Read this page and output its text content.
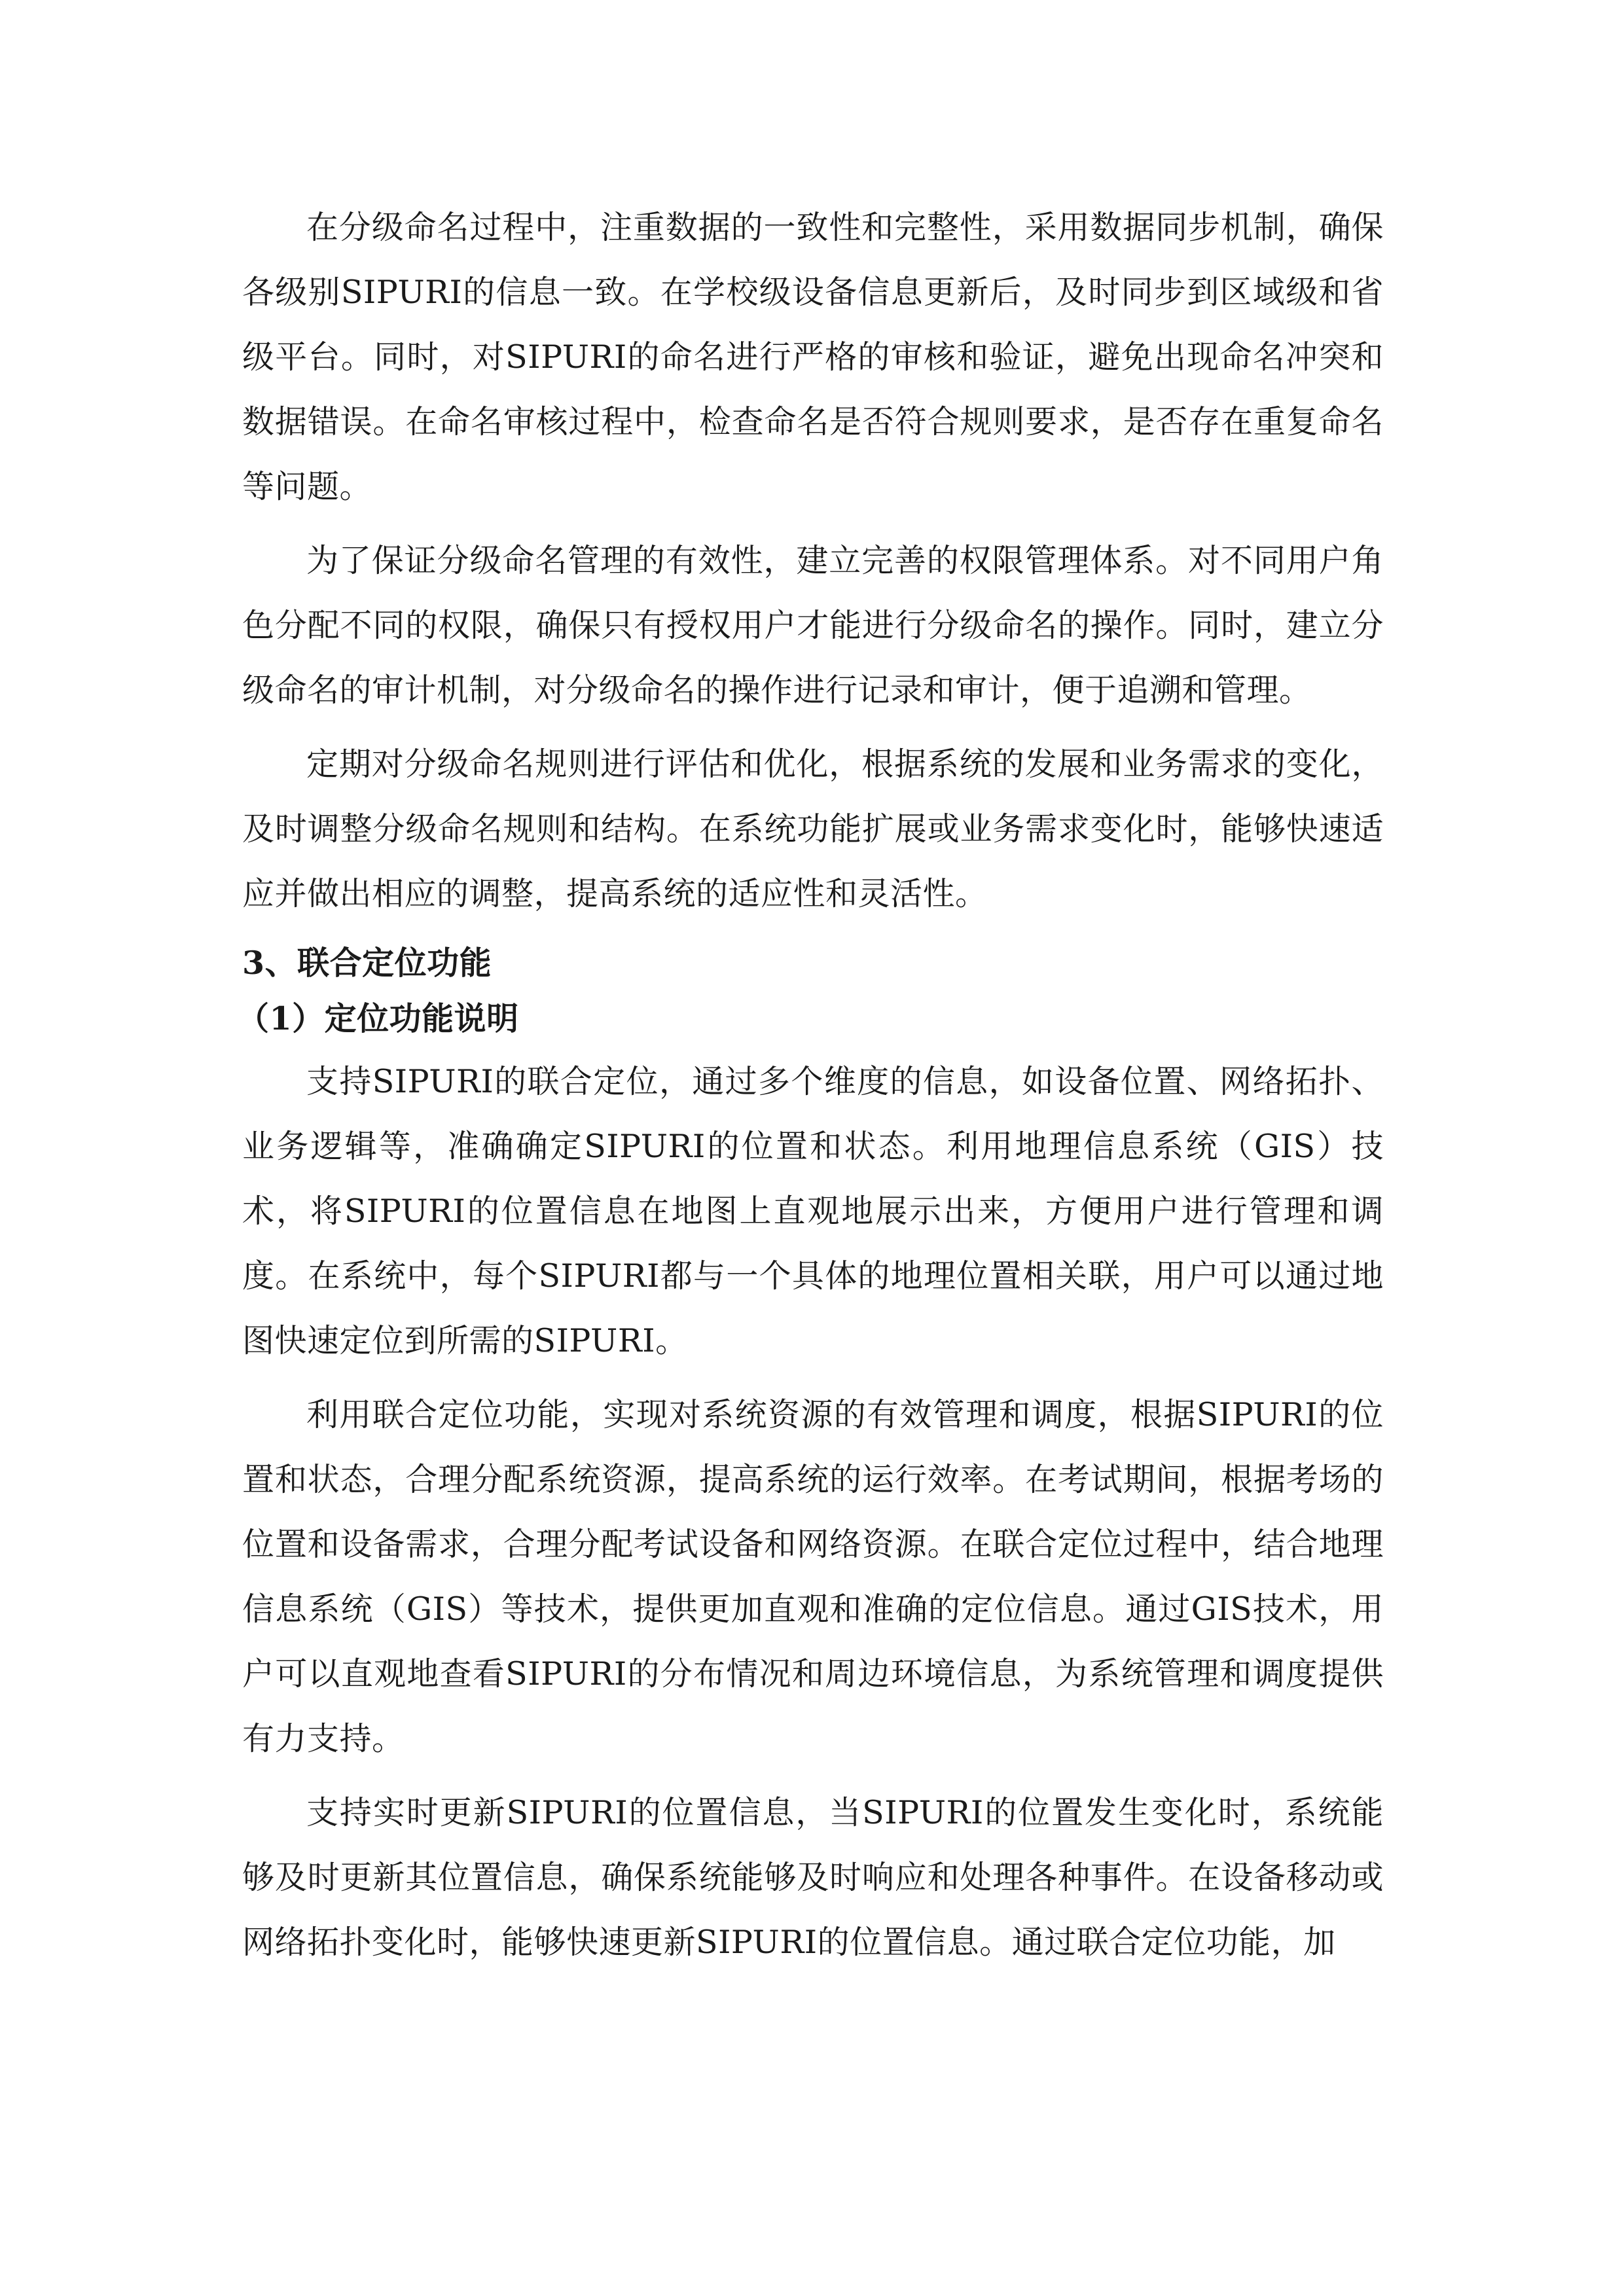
在分级命名过程中，注重数据的一致性和完整性，采用数据同步机制，确保各级别SIPURI的信息一致。在学校级设备信息更新后，及时同步到区域级和省级平台。同时，对SIPURI的命名进行严格的审核和验证，避免出现命名冲突和数据错误。在命名审核过程中，检查命名是否符合规则要求，是否存在重复命名等问题。

为了保证分级命名管理的有效性，建立完善的权限管理体系。对不同用户角色分配不同的权限，确保只有授权用户才能进行分级命名的操作。同时，建立分级命名的审计机制，对分级命名的操作进行记录和审计，便于追溯和管理。

定期对分级命名规则进行评估和优化，根据系统的发展和业务需求的变化，及时调整分级命名规则和结构。在系统功能扩展或业务需求变化时，能够快速适应并做出相应的调整，提高系统的适应性和灵活性。

3、联合定位功能
（1）定位功能说明

支持SIPURI的联合定位，通过多个维度的信息，如设备位置、网络拓扑、业务逻辑等，准确确定SIPURI的位置和状态。利用地理信息系统（GIS）技术，将SIPURI的位置信息在地图上直观地展示出来，方便用户进行管理和调度。在系统中，每个SIPURI都与一个具体的地理位置相关联，用户可以通过地图快速定位到所需的SIPURI。

利用联合定位功能，实现对系统资源的有效管理和调度，根据SIPURI的位置和状态，合理分配系统资源，提高系统的运行效率。在考试期间，根据考场的位置和设备需求，合理分配考试设备和网络资源。在联合定位过程中，结合地理信息系统（GIS）等技术，提供更加直观和准确的定位信息。通过GIS技术，用户可以直观地查看SIPURI的分布情况和周边环境信息，为系统管理和调度提供有力支持。

支持实时更新SIPURI的位置信息，当SIPURI的位置发生变化时，系统能够及时更新其位置信息，确保系统能够及时响应和处理各种事件。在设备移动或网络拓扑变化时，能够快速更新SIPURI的位置信息。通过联合定位功能，加
